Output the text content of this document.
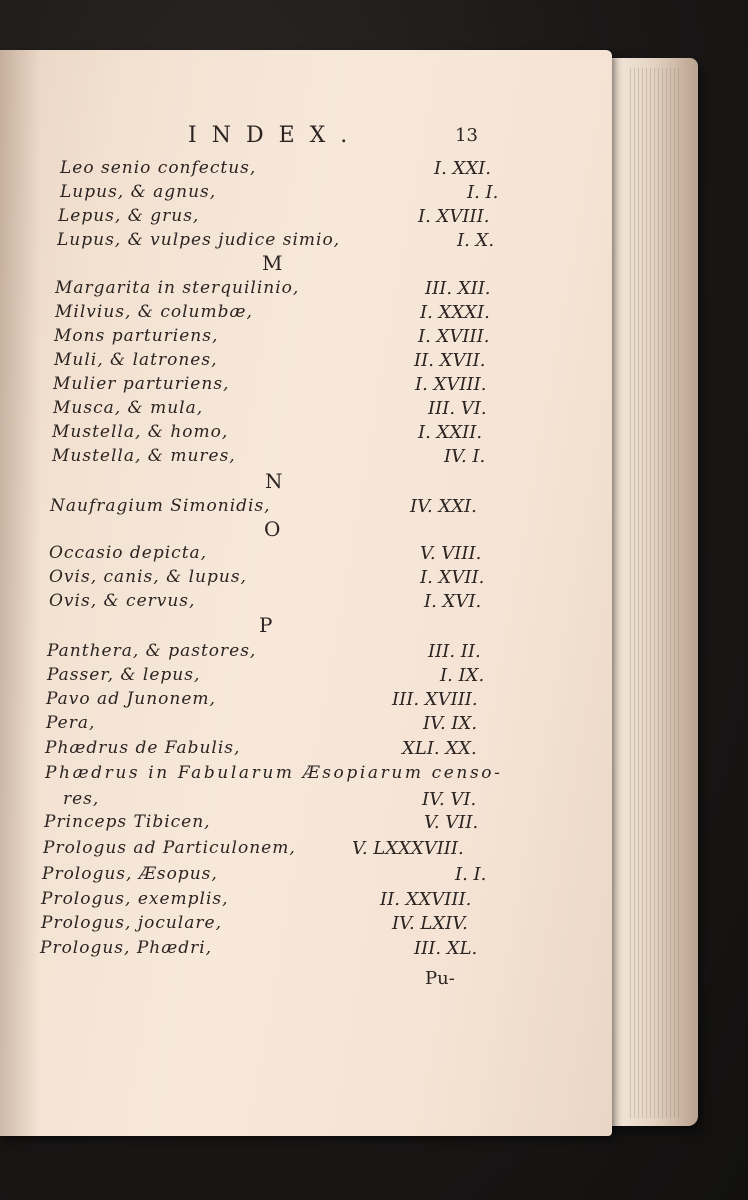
INDEX.	13
Leo senio confectus,	I. XXI.
Lupus, & agnus,	I. I.
Lepus, & grus,	I. XVIII.
Lupus, & vulpes judice simio,	I. X.
M
Margarita in sterquilinio,	III. XII.
Milvius, & columbæ,	I. XXXI.
Mons parturiens,	I. XVIII.
Muli, & latrones,	II. XVII.
Mulier parturiens,	I. XVIII.
Musca, & mula,	III. VI.
Mustella, & homo,	I. XXII.
Mustella, & mures,	IV. I.
N
Naufragium Simonidis,	IV. XXI.
O
Occasio depicta,	V. VIII.
Ovis, canis, & lupus,	I. XVII.
Ovis, & cervus,	I. XVI.
P
Panthera, & pastores,	III. II.
Passer, & lepus,	I. IX.
Pavo ad Junonem,	III. XVIII.
Pera,	IV. IX.
Phædrus de Fabulis,	XLI. XX.
Phædrus in Fabularum Æsopiarum censo-
res,	IV. VI.
Princeps Tibicen,	V. VII.
Prologus ad Particulonem,	V. LXXXVIII.
Prologus, Æsopus,	I. I.
Prologus, exemplis,	II. XXVIII.
Prologus, joculare,	IV. LXIV.
Prologus, Phædri,	III. XL.
Pu-
